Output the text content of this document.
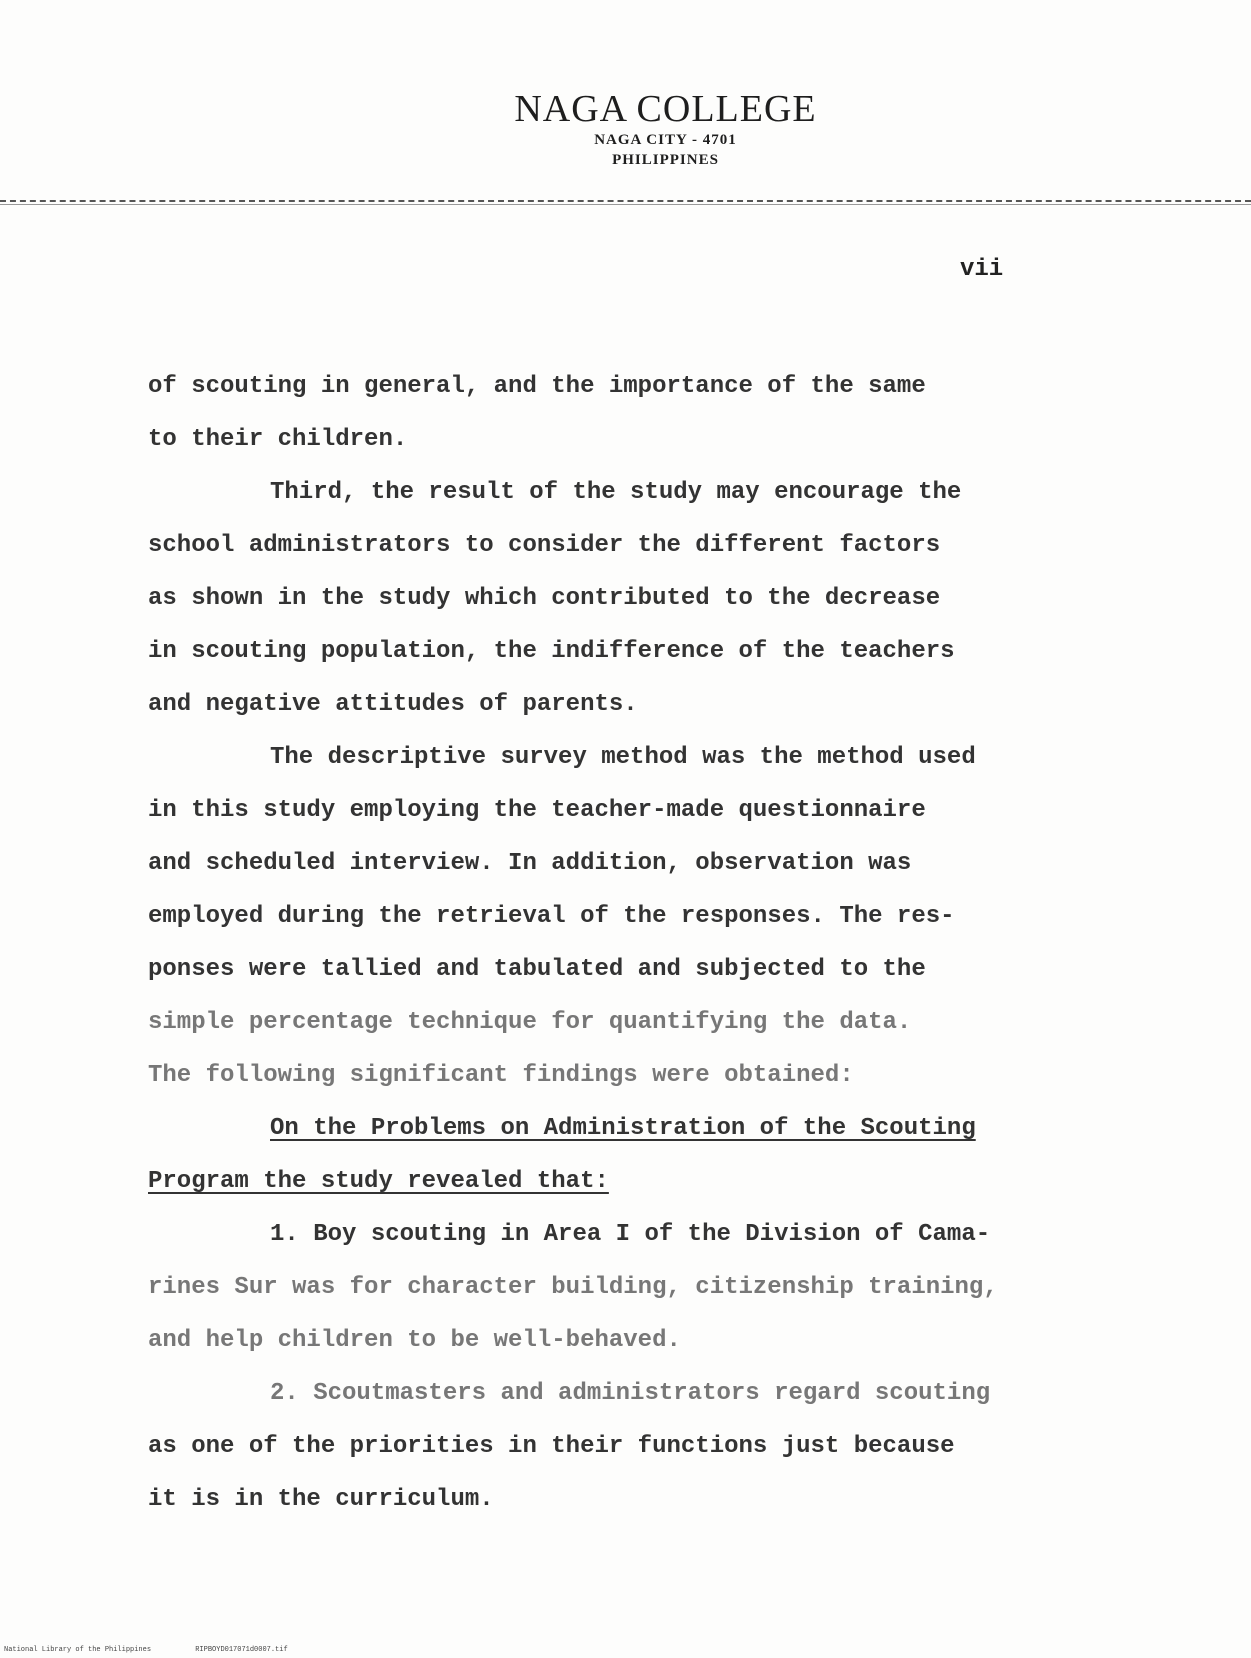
NAGA COLLEGE
NAGA CITY - 4701
PHILIPPINES
vii
of scouting in general, and the importance of the same
to their children.
Third, the result of the study may encourage the
school administrators to consider the different factors
as shown in the study which contributed to the decrease
in scouting population, the indifference of the teachers
and negative attitudes of parents.
The descriptive survey method was the method used
in this study employing the teacher-made questionnaire
and scheduled interview. In addition, observation was
employed during the retrieval of the responses. The res-
ponses were tallied and tabulated and subjected to the
simple percentage technique for quantifying the data.
The following significant findings were obtained:
On the Problems on Administration of the Scouting
Program the study revealed that:
1. Boy scouting in Area I of the Division of Cama-
rines Sur was for character building, citizenship training,
and help children to be well-behaved.
2. Scoutmasters and administrators regard scouting
as one of the priorities in their functions just because
it is in the curriculum.
National Library of the Philippines	RIPBOYD017071d0007.tif
